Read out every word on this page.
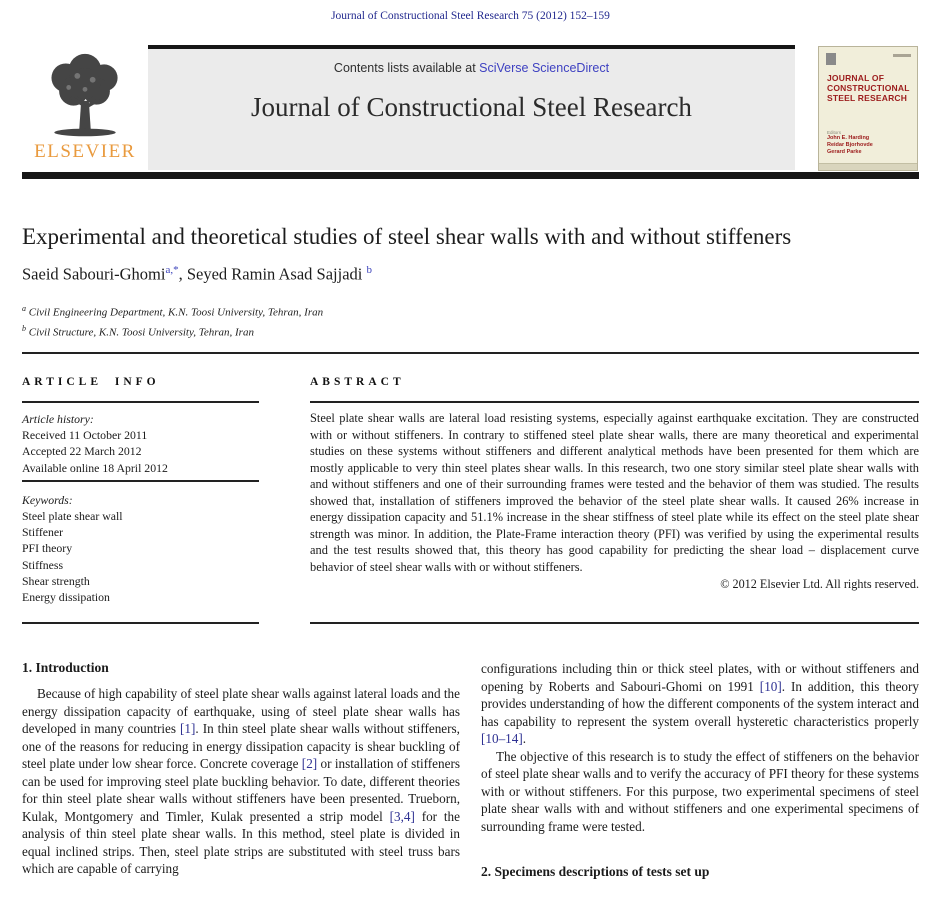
Journal of Constructional Steel Research 75 (2012) 152–159
ELSEVIER
Contents lists available at SciVerse ScienceDirect
Journal of Constructional Steel Research
JOURNAL OF CONSTRUCTIONAL STEEL RESEARCH
Editors
John E. Harding
Reidar Bjorhovde
Gerard Parke
Experimental and theoretical studies of steel shear walls with and without stiffeners
Saeid Sabouri-Ghomi$^{a,*}$, Seyed Ramin Asad Sajjadi $^b$
$^a$ Civil Engineering Department, K.N. Toosi University, Tehran, Iran
$^b$ Civil Structure, K.N. Toosi University, Tehran, Iran
ARTICLE INFO	ABSTRACT
Article history:
Received 11 October 2011
Accepted 22 March 2012
Available online 18 April 2012
Keywords:
Steel plate shear wall
Stiffener
PFI theory
Stiffness
Shear strength
Energy dissipation

Steel plate shear walls are lateral load resisting systems, especially against earthquake excitation. They are constructed with or without stiffeners. In contrary to stiffened steel plate shear walls, there are many theoretical and experimental studies on these systems without stiffeners and different analytical methods have been presented for them which are mostly applicable to very thin steel plates shear walls. In this research, two one story similar steel plate shear walls with and without stiffeners and one of their surrounding frames were tested and the behavior of them was studied. The results showed that, installation of stiffeners improved the behavior of the steel plate shear walls. It caused 26% increase in energy dissipation capacity and 51.1% increase in the shear stiffness of steel plate while its effect on the steel plate shear strength was minor. In addition, the Plate-Frame interaction theory (PFI) was verified by using the experimental results and the test results showed that, this theory has good capability for predicting the shear load – displacement curve behavior of steel shear walls with or without stiffeners.

© 2012 Elsevier Ltd. All rights reserved.
1. Introduction

Because of high capability of steel plate shear walls against lateral loads and the energy dissipation capacity of earthquake, using of steel plate shear walls has developed in many countries [1]. In thin steel plate shear walls without stiffeners, one of the reasons for reducing in energy dissipation capacity is shear buckling of steel plate under low shear force. Concrete coverage [2] or installation of stiffeners can be used for improving steel plate buckling behavior. To date, different theories for thin steel plate shear walls without stiffeners have been presented. Trueborn, Kulak, Montgomery and Timler, Kulak presented a strip model [3,4] for the analysis of thin steel plate shear walls. In this method, steel plate is divided in equal inclined strips. Then, steel plate strips are substituted with steel truss bars which are capable of carrying

configurations including thin or thick steel plates, with or without stiffeners and opening by Roberts and Sabouri-Ghomi on 1991 [10]. In addition, this theory provides understanding of how the different components of the system interact and has capability to represent the system overall hysteretic characteristics properly [10–14].

The objective of this research is to study the effect of stiffeners on the behavior of steel plate shear walls and to verify the accuracy of PFI theory for these systems with or without stiffeners. For this purpose, two experimental specimens of steel plate shear walls with and without stiffeners and one experimental specimens of surrounding frame were tested.

2. Specimens descriptions of tests set up
